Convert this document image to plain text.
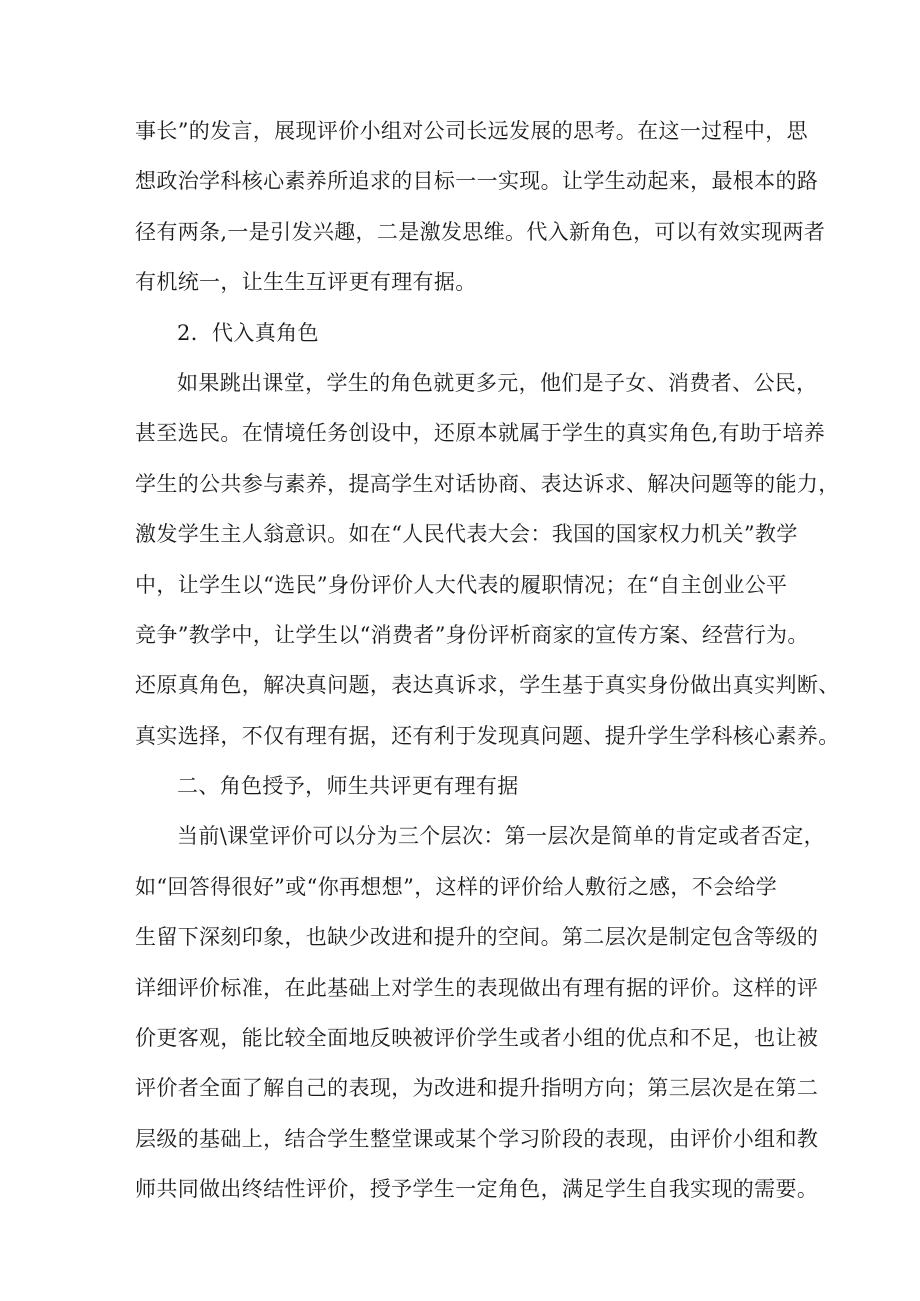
事长”的发言，展现评价小组对公司长远发展的思考。在这一过程中，思
想政治学科核心素养所追求的目标一一实现。让学生动起来，最根本的路
径有两条,一是引发兴趣，二是激发思维。代入新角色，可以有效实现两者
有机统一，让生生互评更有理有据。
2．代入真角色
如果跳出课堂，学生的角色就更多元，他们是子女、消费者、公民，
甚至选民。在情境任务创设中，还原本就属于学生的真实角色,有助于培养
学生的公共参与素养，提高学生对话协商、表达诉求、解决问题等的能力，
激发学生主人翁意识。如在“人民代表大会：我国的国家权力机关”教学
中，让学生以“选民”身份评价人大代表的履职情况；在“自主创业公平
竞争”教学中，让学生以“消费者”身份评析商家的宣传方案、经营行为。
还原真角色，解决真问题，表达真诉求，学生基于真实身份做出真实判断、
真实选择，不仅有理有据，还有利于发现真问题、提升学生学科核心素养。
二、角色授予，师生共评更有理有据
当前\课堂评价可以分为三个层次：第一层次是简单的肯定或者否定，
如“回答得很好”或“你再想想”，这样的评价给人敷衍之感，不会给学
生留下深刻印象，也缺少改进和提升的空间。第二层次是制定包含等级的
详细评价标准，在此基础上对学生的表现做出有理有据的评价。这样的评
价更客观，能比较全面地反映被评价学生或者小组的优点和不足，也让被
评价者全面了解自己的表现，为改进和提升指明方向；第三层次是在第二
层级的基础上，结合学生整堂课或某个学习阶段的表现，由评价小组和教
师共同做出终结性评价，授予学生一定角色，满足学生自我实现的需要。
